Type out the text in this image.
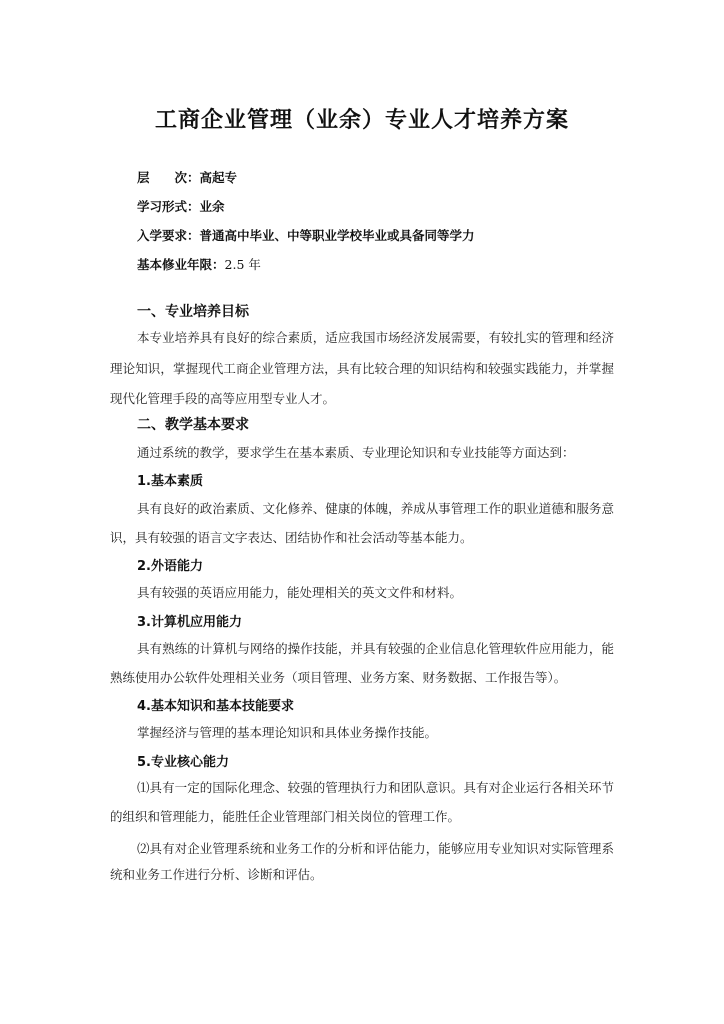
工商企业管理（业余）专业人才培养方案
层　　次：高起专
学习形式：业余
入学要求：普通高中毕业、中等职业学校毕业或具备同等学力
基本修业年限：2.5 年
一、专业培养目标
本专业培养具有良好的综合素质，适应我国市场经济发展需要，有较扎实的管理和经济
理论知识，掌握现代工商企业管理方法，具有比较合理的知识结构和较强实践能力，并掌握
现代化管理手段的高等应用型专业人才。
二、教学基本要求
通过系统的教学，要求学生在基本素质、专业理论知识和专业技能等方面达到：
1.基本素质
具有良好的政治素质、文化修养、健康的体魄，养成从事管理工作的职业道德和服务意
识，具有较强的语言文字表达、团结协作和社会活动等基本能力。
2.外语能力
具有较强的英语应用能力，能处理相关的英文文件和材料。
3.计算机应用能力
具有熟练的计算机与网络的操作技能，并具有较强的企业信息化管理软件应用能力，能
熟练使用办公软件处理相关业务（项目管理、业务方案、财务数据、工作报告等）。
4.基本知识和基本技能要求
掌握经济与管理的基本理论知识和具体业务操作技能。
5.专业核心能力
⑴具有一定的国际化理念、较强的管理执行力和团队意识。具有对企业运行各相关环节
的组织和管理能力，能胜任企业管理部门相关岗位的管理工作。
⑵具有对企业管理系统和业务工作的分析和评估能力，能够应用专业知识对实际管理系
统和业务工作进行分析、诊断和评估。
